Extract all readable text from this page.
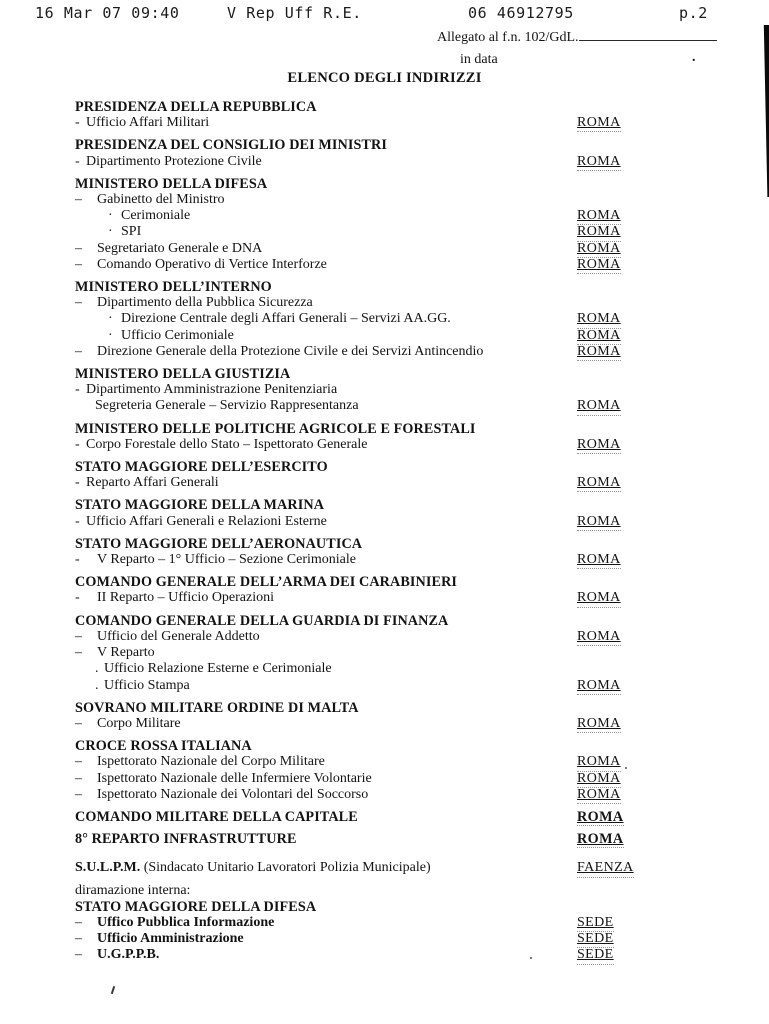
16 Mar 07 09:40	V Rep Uff R.E.	06 46912795	p.2
Allegato al f.n. 102/GdL.
in data	.
ELENCO DEGLI INDIRIZZI
PRESIDENZA DELLA REPUBBLICA
- Ufficio Affari Militari	ROMA
PRESIDENZA DEL CONSIGLIO DEI MINISTRI
- Dipartimento Protezione Civile	ROMA
MINISTERO DELLA DIFESA
– Gabinetto del Ministro
· Cerimoniale	ROMA
· SPI	ROMA
– Segretariato Generale e DNA	ROMA
– Comando Operativo di Vertice Interforze	ROMA
MINISTERO DELL’INTERNO
– Dipartimento della Pubblica Sicurezza
· Direzione Centrale degli Affari Generali – Servizi AA.GG.	ROMA
· Ufficio Cerimoniale	ROMA
– Direzione Generale della Protezione Civile e dei Servizi Antincendio	ROMA
MINISTERO DELLA GIUSTIZIA
- Dipartimento Amministrazione Penitenziaria
Segreteria Generale – Servizio Rappresentanza	ROMA
MINISTERO DELLE POLITICHE AGRICOLE E FORESTALI
- Corpo Forestale dello Stato – Ispettorato Generale	ROMA
STATO MAGGIORE DELL’ESERCITO
- Reparto Affari Generali	ROMA
STATO MAGGIORE DELLA MARINA
- Ufficio Affari Generali e Relazioni Esterne	ROMA
STATO MAGGIORE DELL’AERONAUTICA
- V Reparto – 1° Ufficio – Sezione Cerimoniale	ROMA
COMANDO GENERALE DELL’ARMA DEI CARABINIERI
- II Reparto – Ufficio Operazioni	ROMA
COMANDO GENERALE DELLA GUARDIA DI FINANZA
– Ufficio del Generale Addetto	ROMA
– V Reparto
. Ufficio Relazione Esterne e Cerimoniale
. Ufficio Stampa	ROMA
SOVRANO MILITARE ORDINE DI MALTA
– Corpo Militare	ROMA
CROCE ROSSA ITALIANA
– Ispettorato Nazionale del Corpo Militare	ROMA
– Ispettorato Nazionale delle Infermiere Volontarie	ROMA
– Ispettorato Nazionale dei Volontari del Soccorso	ROMA
COMANDO MILITARE DELLA CAPITALE	ROMA
8° REPARTO INFRASTRUTTURE	ROMA
S.U.L.P.M. (Sindacato Unitario Lavoratori Polizia Municipale)	FAENZA
diramazione interna:
STATO MAGGIORE DELLA DIFESA
– Uffico Pubblica Informazione	SEDE
– Ufficio Amministrazione	SEDE
– U.G.P.P.B.	SEDE
